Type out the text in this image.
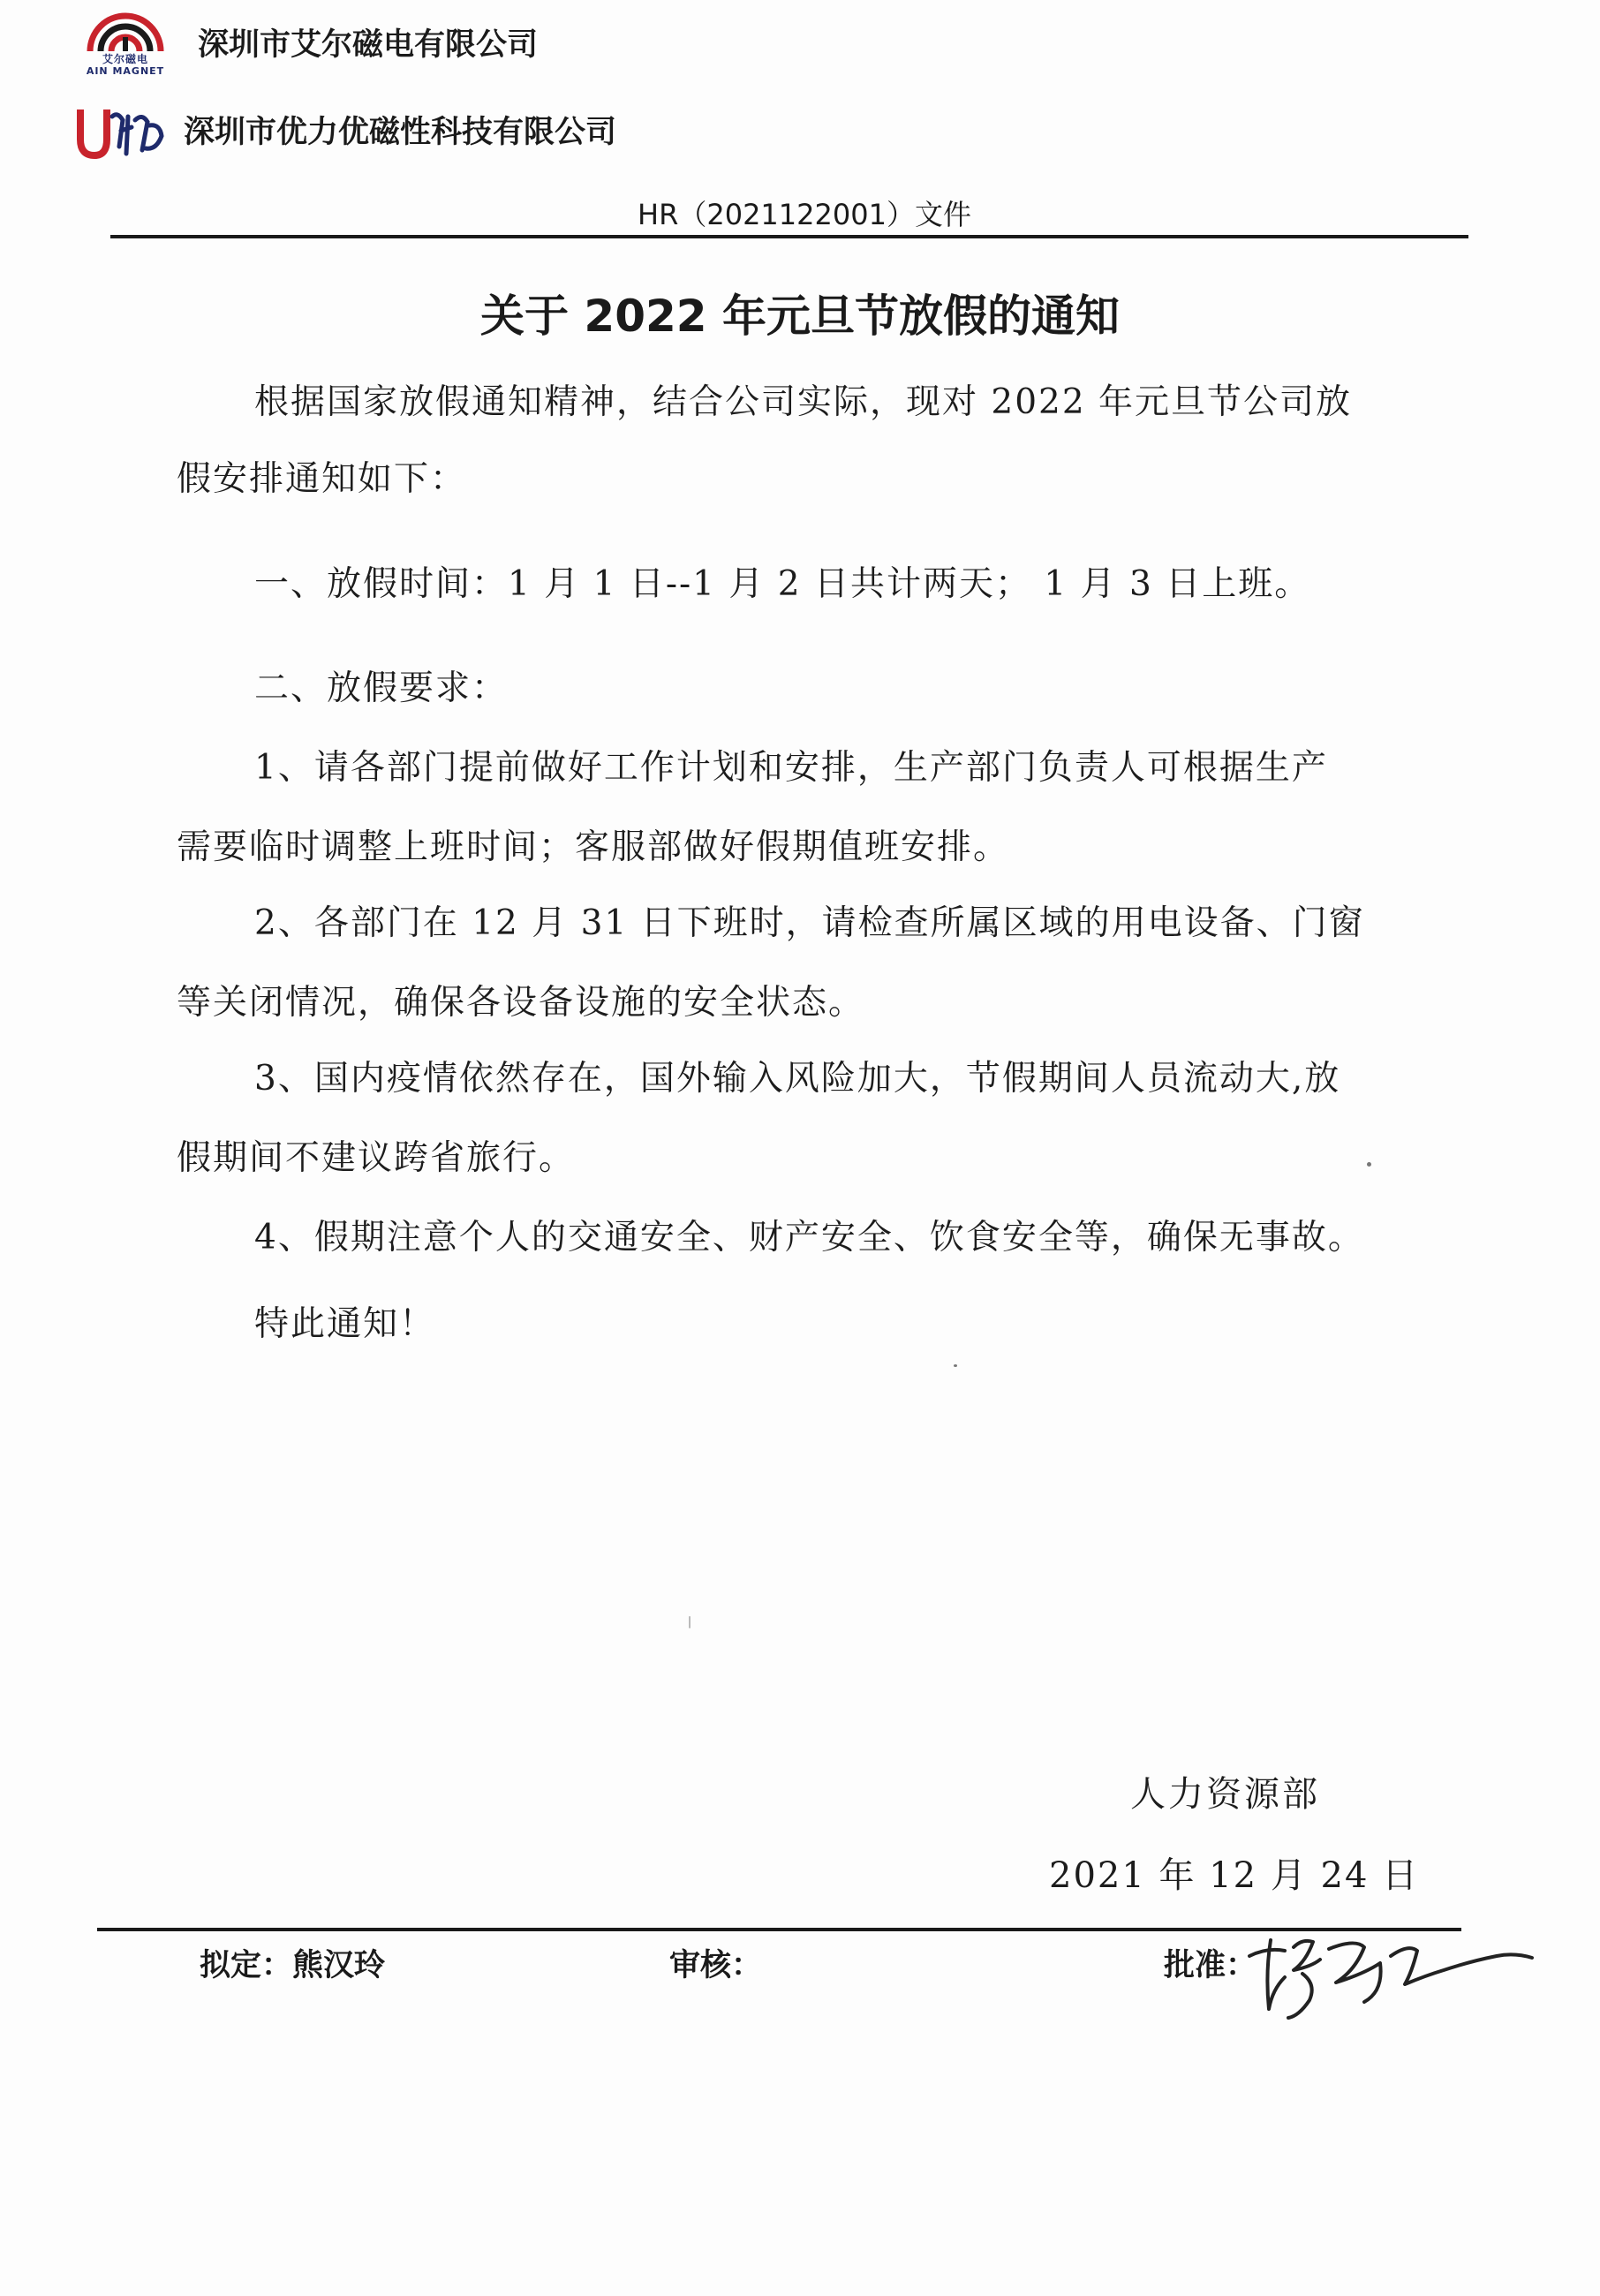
艾尔磁电
AIN MAGNET
深圳市艾尔磁电有限公司
深圳市优力优磁性科技有限公司
HR（2021122001）文件
关于 2022 年元旦节放假的通知
根据国家放假通知精神，结合公司实际，现对 2022 年元旦节公司放
假安排通知如下：
一、放假时间：1 月 1 日--1 月 2 日共计两天； 1 月 3 日上班。
二、放假要求：
1、请各部门提前做好工作计划和安排，生产部门负责人可根据生产
需要临时调整上班时间；客服部做好假期值班安排。
2、各部门在 12 月 31 日下班时，请检查所属区域的用电设备、门窗
等关闭情况，确保各设备设施的安全状态。
3、国内疫情依然存在，国外输入风险加大，节假期间人员流动大,放
假期间不建议跨省旅行。
4、假期注意个人的交通安全、财产安全、饮食安全等，确保无事故。
特此通知！
人力资源部
2021 年 12 月 24 日
拟定：熊汉玲	审核：	批准：
